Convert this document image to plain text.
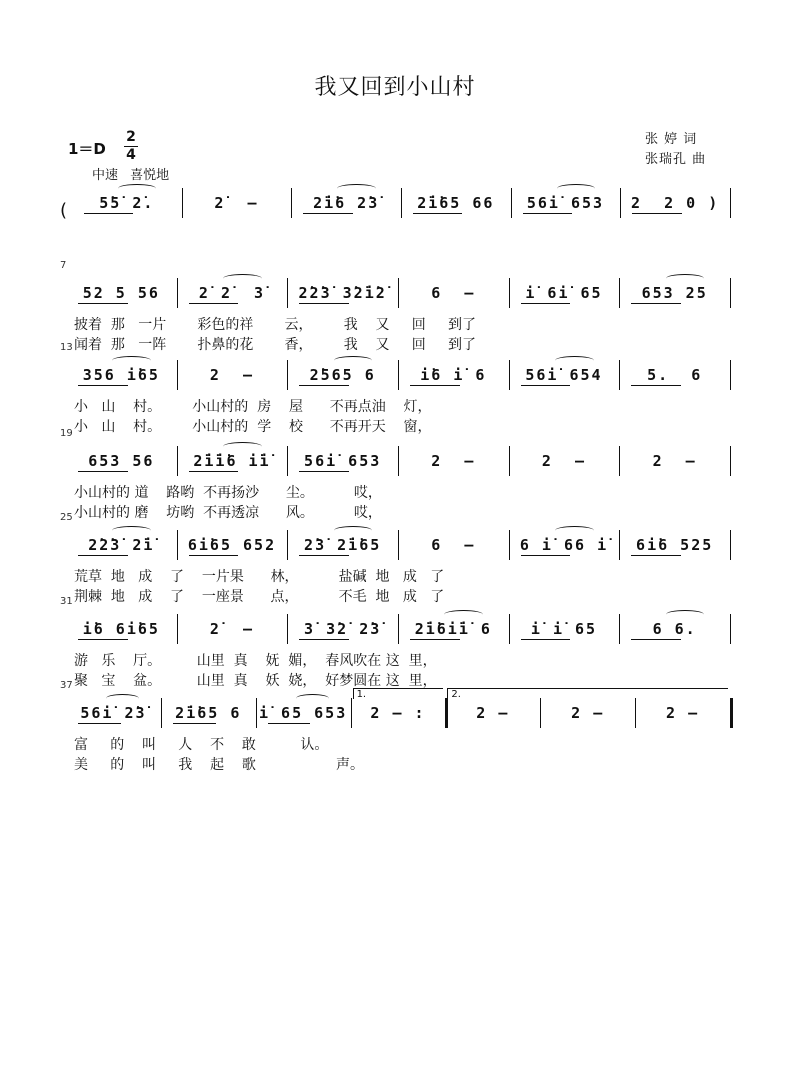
我又回到小山村
1＝D
2
4
张 婷 词
张瑞孔 曲
中速 喜悦地
(	5̇5̇ 2̇.	2̇  –	2̇i̇6 2̇3̇	2̇i̇65 66	56i̇ 653	2  2 0 )
7
52 5 56	2̇ 2̇  3̇	2̇2̇3̇ 3̇2̇i̇2̇	6  –	i̇ 6i̇ 65	653 25
披着  那   一片       彩色的祥       云，       我    又     回     到了
闻着  那   一阵       扑鼻的花       香，       我    又     回     到了
13
356 i̇65	2  –	2̇565 6	i̇6 i̇ 6	56i̇ 654	5.  6
小   山    村。       小山村的  房    屋      不再点油    灯，
小   山    村。       小山村的  学    校      不再开天    窗，
19
653 56	2̇i̇i̇6 i̇i̇	56i̇ 653	2  –	2  –	2  –
小山村的 道    路哟  不再扬沙      尘。         哎，
小山村的 磨    坊哟  不再透凉      风。         哎，
25
2̇2̇3̇ 2̇i̇	6i̇65 652	2̇3̇ 2̇i̇65	6  –	6 i̇ 66 i̇	6i̇6 525
荒草  地   成    了    一片果      林，         盐碱  地   成   了
荆棘  地   成    了    一座景      点，         不毛  地   成   了
31
i̇6 6i̇65	2̇  –	3̇ 3̇2̇ 2̇3̇	2̇i̇6i̇i̇ 6	i̇ i̇ 65	6 6.
游   乐    厅。        山里  真    妩  媚，  春风吹在 这  里，
聚   宝    盆。        山里  真    妖  娆，  好梦圆在 这  里，
37
56i̇ 2̇3̇	2̇i̇65 6	i̇ 65 653	2 – :	2 –	2 –	2 –
1.	2.
富     的    叫     人    不    敢          认。
美     的    叫     我    起    歌                  声。
